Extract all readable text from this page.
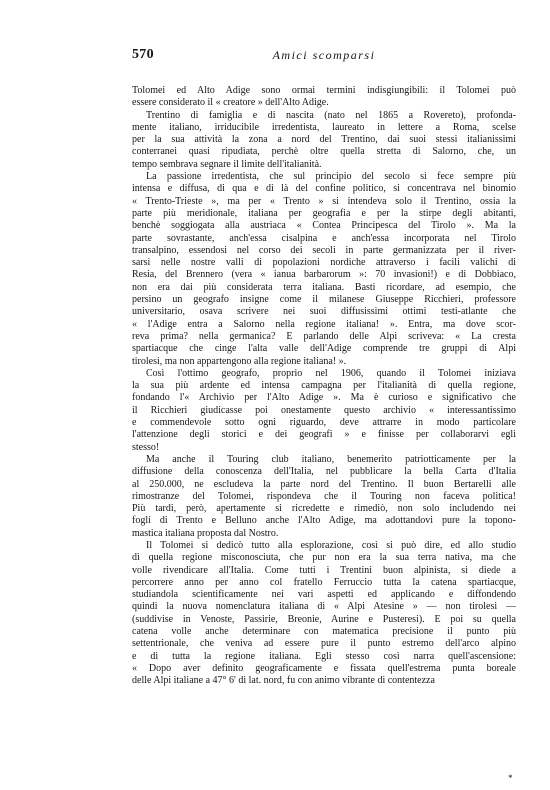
570	Amici scomparsi
Tolomei ed Alto Adige sono ormai termini indisgiungibili: il Tolomei può
essere considerato il « creatore » dell'Alto Adige.
Trentino di famiglia e di nascita (nato nel 1865 a Rovereto), profonda-
mente italiano, irriducibile irredentista, laureato in lettere a Roma, scelse
per la sua attività la zona a nord del Trentino, dai suoi stessi italianissimi
conterranei quasi ripudiata, perchè oltre quella stretta di Salorno, che, un
tempo sembrava segnare il limite dell'italianità.
La passione irredentista, che sul principio del secolo si fece sempre più
intensa e diffusa, di qua e di là del confine politico, si concentrava nel binomio
« Trento-Trieste », ma per « Trento » si intendeva solo il Trentino, ossia la
parte più meridionale, italiana per geografia e per la stirpe degli abitanti,
benchè soggiogata alla austriaca « Contea Principesca del Tirolo ». Ma la
parte sovrastante, anch'essa cisalpina e anch'essa incorporata nel Tirolo
transalpino, essendosi nel corso dei secoli in parte germanizzata per il river-
sarsi nelle nostre valli di popolazioni nordiche attraverso i facili valichi di
Resia, del Brennero (vera « ianua barbarorum »: 70 invasioni!) e di Dobbiaco,
non era dai più considerata terra italiana. Basti ricordare, ad esempio, che
persino un geografo insigne come il milanese Giuseppe Ricchieri, professore
universitario, osava scrivere nei suoi diffusissimi ottimi testi-atlante che
« l'Adige entra a Salorno nella regione italiana! ». Entra, ma dove scor-
reva prima? nella germanica? E parlando delle Alpi scriveva: « La cresta
spartiacque che cinge l'alta valle dell'Adige comprende tre gruppi di Alpi
tirolesi, ma non appartengono alla regione italiana! ».
Così l'ottimo geografo, proprio nel 1906, quando il Tolomei iniziava
la sua più ardente ed intensa campagna per l'italianità di quella regione,
fondando l'« Archivio per l'Alto Adige ». Ma è curioso e significativo che
il Ricchieri giudicasse poi onestamente questo archivio « interessantissimo
e commendevole sotto ogni riguardo, deve attrarre in modo particolare
l'attenzione degli storici e dei geografi » e finisse per collaborarvi egli
stesso!
Ma anche il Touring club italiano, benemerito patriotticamente per la
diffusione della conoscenza dell'Italia, nel pubblicare la bella Carta d'Italia
al 250.000, ne escludeva la parte nord del Trentino. Il buon Bertarelli alle
rimostranze del Tolomei, rispondeva che il Touring non faceva politica!
Più tardi, però, apertamente si ricredette e rimediò, non solo includendo nei
fogli di Trento e Belluno anche l'Alto Adige, ma adottandovi pure la topono-
mastica italiana proposta dal Nostro.
Il Tolomei si dedicò tutto alla esplorazione, così si può dire, ed allo studio
di quella regione misconosciuta, che pur non era la sua terra nativa, ma che
volle rivendicare all'Italia. Come tutti i Trentini buon alpinista, si diede a
percorrere anno per anno col fratello Ferruccio tutta la catena spartiacque,
studiandola scientificamente nei vari aspetti ed applicando e diffondendo
quindi la nuova nomenclatura italiana di « Alpi Atesine » — non tirolesi —
(suddivise in Venoste, Passirie, Breonie, Aurine e Pusteresi). E poi su quella
catena volle anche determinare con matematica precisione il punto più
settentrionale, che veniva ad essere pure il punto estremo dell'arco alpino
e di tutta la regione italiana. Egli stesso così narra quell'ascensione:
« Dopo aver definito geograficamente e fissata quell'estrema punta boreale
delle Alpi italiane a 47° 6' di lat. nord, fu con animo vibrante di contentezza
*
